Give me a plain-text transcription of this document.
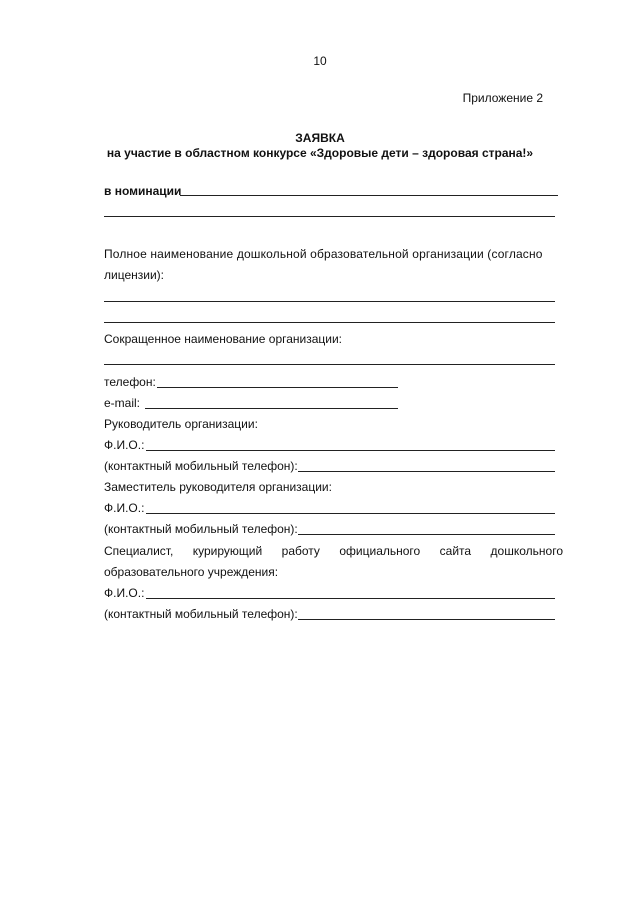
10
Приложение 2
ЗАЯВКА
на участие в областном конкурсе «Здоровые дети – здоровая страна!»
в номинации
Полное наименование дошкольной образовательной организации (согласно
лицензии):
Сокращенное наименование организации:
телефон:
e-mail:
Руководитель организации:
Ф.И.О.:
(контактный мобильный телефон):
Заместитель руководителя организации:
Ф.И.О.:
(контактный мобильный телефон):
Специалист, курирующий работу официального сайта дошкольного
образовательного учреждения:
Ф.И.О.:
(контактный мобильный телефон):
